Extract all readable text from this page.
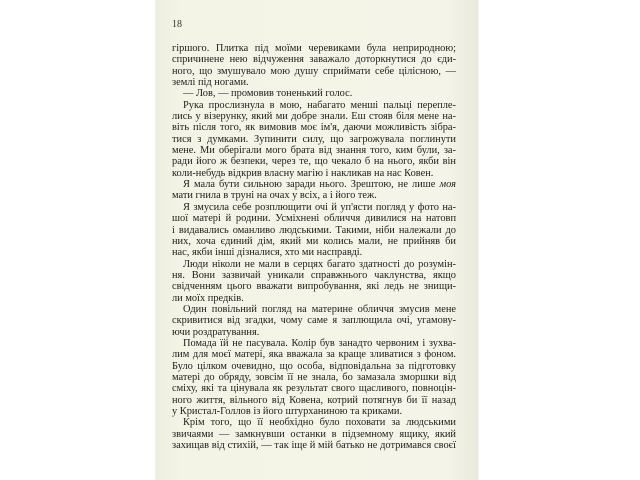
18
гіршого. Плитка під моїми черевиками була неприродною;
спричинене нею відчуження заважало доторкнутися до єди-
ного, що змушувало мою душу сприймати себе цілісною, —
землі під ногами.
— Лов, — промовив тоненький голос.
Рука прослизнула в мою, набагато менші пальці перепле-
лись у візерунку, який ми добре знали. Еш стояв біля мене на-
віть після того, як вимовив моє ім'я, даючи можливість зібра-
тися з думками. Зупинити силу, що загрожувала поглинути
мене. Ми оберігали мого брата від знання того, ким були, за-
ради його ж безпеки, через те, що чекало б на нього, якби він
коли-небудь відкрив власну магію і накликав на нас Ковен.
Я мала бути сильною заради нього. Зрештою, не лише моя
мати гнила в труні на очах у всіх, а і його теж.
Я змусила себе розплющити очі й уп'ясти погляд у фото на-
шої матері й родини. Усміхнені обличчя дивилися на натовп
і видавались оманливо людськими. Такими, ніби належали до
них, хоча єдиний дім, який ми колись мали, не прийняв би
нас, якби інші дізналися, хто ми насправді.
Люди ніколи не мали в серцях багато здатності до розумін-
ня. Вони зазвичай уникали справжнього чаклунства, якщо
свідченням цього вважати випробування, які ледь не знищи-
ли моїх предків.
Один повільний погляд на материне обличчя змусив мене
скривитися від згадки, чому саме я заплющила очі, угамову-
ючи роздратування.
Помада їй не пасувала. Колір був занадто червоним і зухва-
лим для моєї матері, яка вважала за краще зливатися з фоном.
Було цілком очевидно, що особа, відповідальна за підготовку
матері до обряду, зовсім її не знала, бо замазала зморшки від
сміху, які та цінувала як результат свого щасливого, повноцін-
ного життя, вільного від Ковена, котрий потягнув би її назад
у Кристал-Голлов із його штурханиною та криками.
Крім того, що її необхідно було поховати за людськими
звичаями — замкнувши останки в підземному ящику, який
захищав від стихій, — так іще й мій батько не дотримався своєї
